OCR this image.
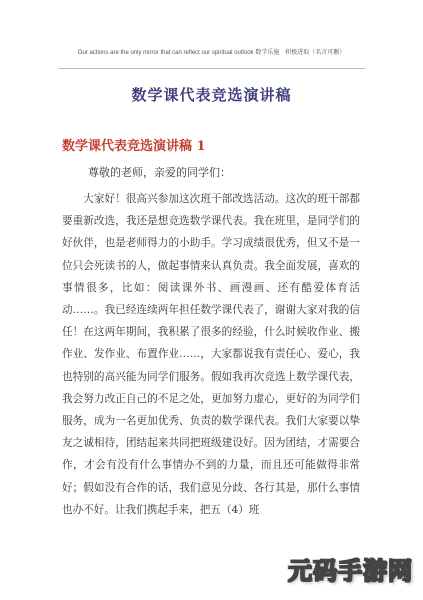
Our actions are the only mirror that can reflect our spiritual outlook 数学乐施　积极进取（名言可删）
数学课代表竞选演讲稿
数学课代表竞选演讲稿 1
尊敬的老师，亲爱的同学们：
大家好！很高兴参加这次班干部改选活动。这次的班干部都要重新改选，我还是想竞选数学课代表。我在班里，是同学们的好伙伴，也是老师得力的小助手。学习成绩很优秀，但又不是一位只会死读书的人，做起事情来认真负责。我全面发展，喜欢的事情很多，比如：阅读课外书、画漫画、还有酷爱体育活动……。我已经连续两年担任数学课代表了，谢谢大家对我的信任！在这两年期间，我积累了很多的经验，什么时候收作业、搬作业、发作业、布置作业……，大家都说我有责任心、爱心，我也特别的高兴能为同学们服务。假如我再次竞选上数学课代表，我会努力改正自己的不足之处，更加努力虚心，更好的为同学们服务，成为一名更加优秀、负责的数学课代表。我们大家要以挚友之诚相待，团结起来共同把班级建设好。因为团结，才需要合作，才会有没有什么事情办不到的力量，而且还可能做得非常好；假如没有合作的话，我们意见分歧、各行其是，那什么事情也办不好。让我们携起手来，把五（4）班
元码手游网
